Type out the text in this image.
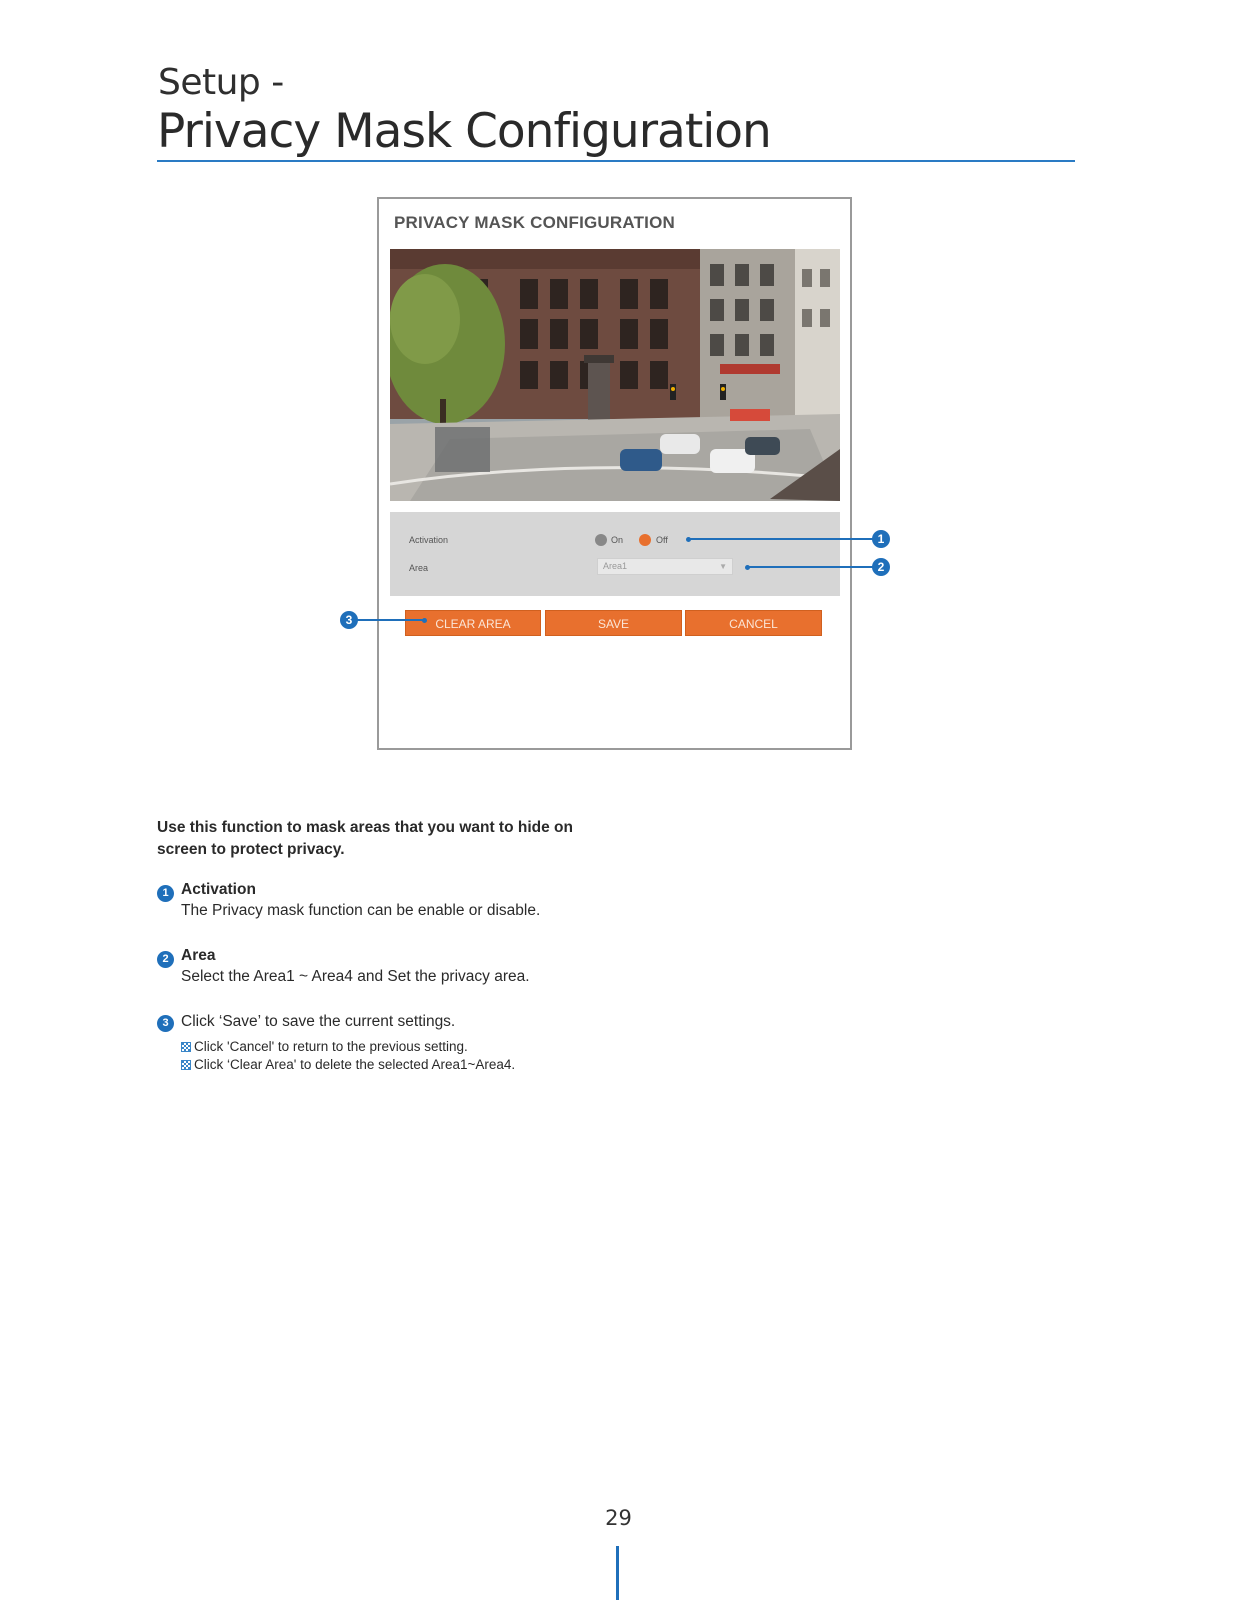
Setup -
Privacy Mask Configuration
PRIVACY MASK CONFIGURATION
Activation	On	Off
Area	Area1	▼
CLEAR AREA	SAVE	CANCEL
1
2
3
Use this function to mask areas that you want to hide on screen to protect privacy.
1 Activation
The Privacy mask function can be enable or disable.
2 Area
Select the Area1 ~ Area4 and Set the privacy area.
3 Click ‘Save’ to save the current settings.
Click 'Cancel' to return to the previous setting.
Click ‘Clear Area' to delete the selected Area1~Area4.
29
